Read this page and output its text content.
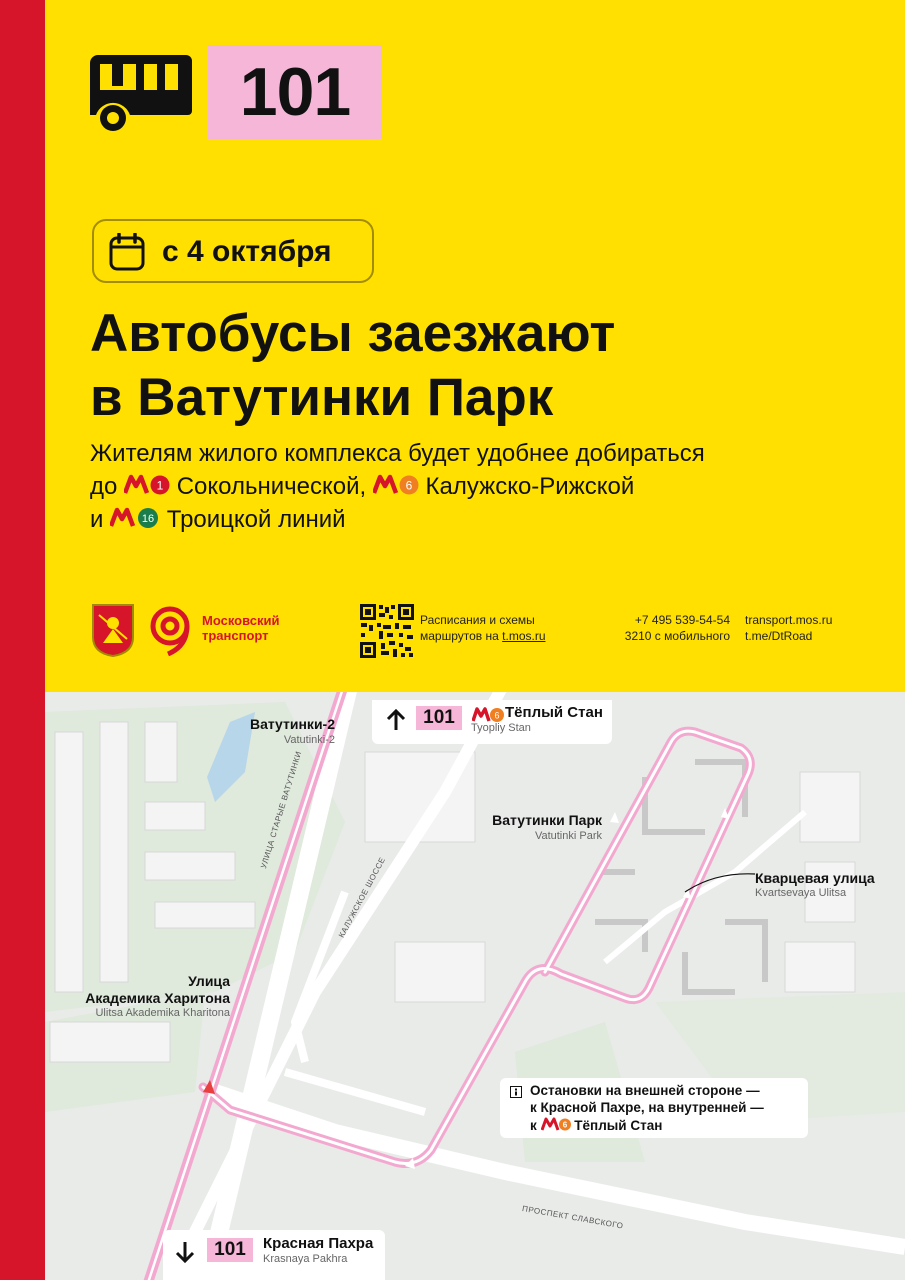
101
с 4 октября
Автобусы заезжают
в Ватутинки Парк
Жителям жилого комплекса будет удобнее добираться
до	1 Сокольнической,	6 Калужско-Рижской
и	16 Троицкой линий
Московский
транспорт
Расписания и схемы
маршрутов на t.mos.ru
+7 495 539-54-54
3210 с мобильного
transport.mos.ru
t.me/DtRoad
УЛИЦА СТАРЫЕ ВАТУТИНКИ
КАЛУЖСКОЕ ШОССЕ
ПРОСПЕКТ СЛАВСКОГО
101	6 Тёплый Стан
Tyopliy Stan
Ватутинки-2
Vatutinki-2
Ватутинки Парк
Vatutinki Park
Кварцевая улица
Kvartsevaya Ulitsa
Улица
Академика Харитона
Ulitsa Akademika Kharitona
Остановки на внешней стороне —
к Красной Пахре, на внутренней —
к	6 Тёплый Стан
101	Красная Пахра
Krasnaya Pakhra
